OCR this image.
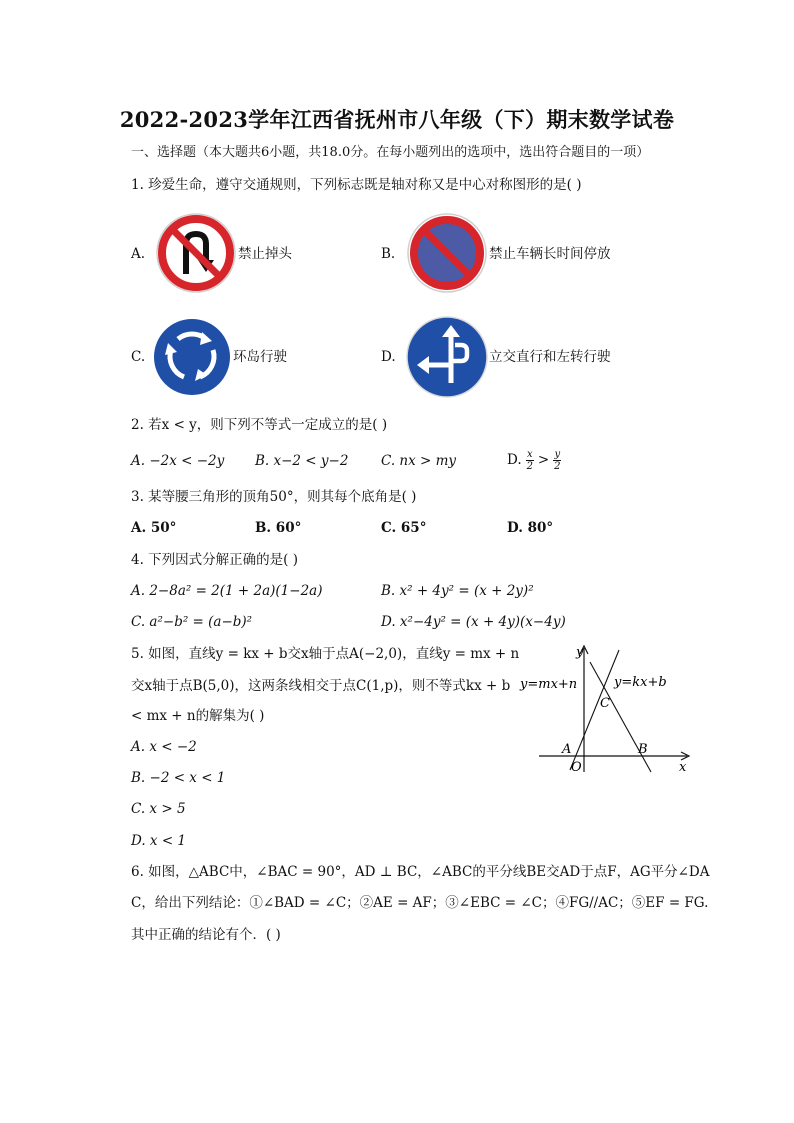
2022-2023学年江西省抚州市八年级（下）期末数学试卷
一、选择题（本大题共6小题，共18.0分。在每小题列出的选项中，选出符合题目的一项）
1. 珍爱生命，遵守交通规则，下列标志既是轴对称又是中心对称图形的是( )
A.	禁止掉头	B.	禁止车辆长时间停放
C.	环岛行驶	D.	立交直行和左转行驶
2. 若x < y，则下列不等式一定成立的是( )
A. −2x < −2y B. x−2 < y−2 C. nx > my	D. $\frac{x}{2} > \frac{y}{2}$
3. 某等腰三角形的顶角50°，则其每个底角是( )
A. 50°	B. 60°	C. 65°	D. 80°
4. 下列因式分解正确的是( )
A. 2−8a² = 2(1 + 2a)(1−2a)	B. x² + 4y² = (x + 2y)²
C. a²−b² = (a−b)²	D. x²−4y² = (x + 4y)(x−4y)
5. 如图，直线y = kx + b交x轴于点A(−2,0)，直线y = mx + n
交x轴于点B(5,0)，这两条线相交于点C(1,p)，则不等式kx + b
< mx + n的解集为( )
A. x < −2
B. −2 < x < 1
C. x > 5
D. x < 1
y
x
O
A	B
C
y=mx+n	y=kx+b
6. 如图，△ABC中，∠BAC = 90°，AD ⊥ BC，∠ABC的平分线BE交AD于点F，AG平分∠DA
C，给出下列结论：①∠BAD = ∠C；②AE = AF；③∠EBC = ∠C；④FG//AC；⑤EF = FG.
其中正确的结论有个．( )
